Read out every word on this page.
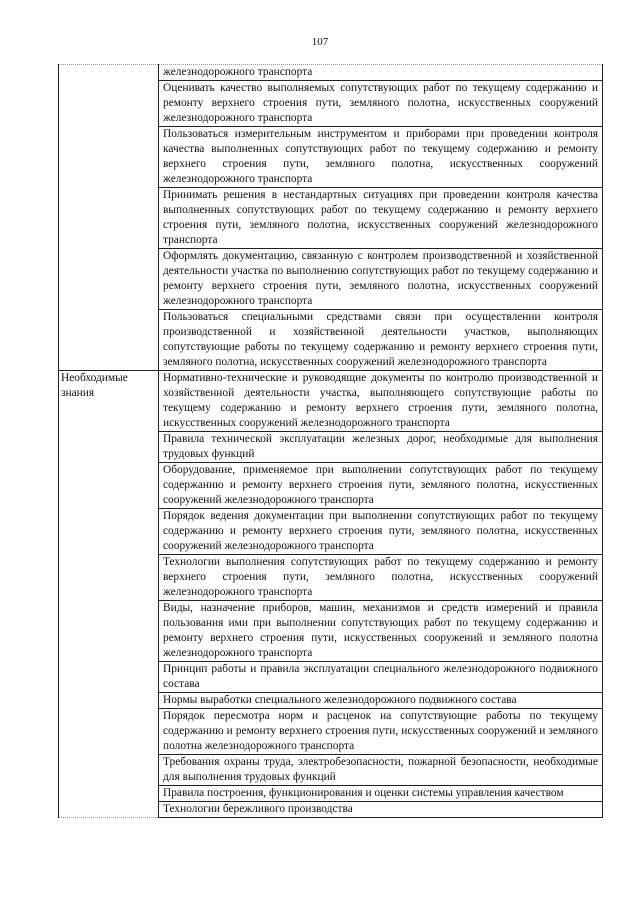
107
	железнодорожного транспорта
	Оценивать качество выполняемых сопутствующих работ по текущему содержанию и ремонту верхнего строения пути, земляного полотна, искусственных сооружений железнодорожного транспорта
	Пользоваться измерительным инструментом и приборами при проведении контроля качества выполненных сопутствующих работ по текущему содержанию и ремонту верхнего строения пути, земляного полотна, искусственных сооружений железнодорожного транспорта
	Принимать решения в нестандартных ситуациях при проведении контроля качества выполненных сопутствующих работ по текущему содержанию и ремонту верхнего строения пути, земляного полотна, искусственных сооружений железнодорожного транспорта
	Оформлять документацию, связанную с контролем производственной и хозяйственной деятельности участка по выполнению сопутствующих работ по текущему содержанию и ремонту верхнего строения пути, земляного полотна, искусственных сооружений железнодорожного транспорта
	Пользоваться специальными средствами связи при осуществлении контроля производственной и хозяйственной деятельности участков, выполняющих сопутствующие работы по текущему содержанию и ремонту верхнего строения пути, земляного полотна, искусственных сооружений железнодорожного транспорта
Необходимые знания	Нормативно-технические и руководящие документы по контролю производственной и хозяйственной деятельности участка, выполняющего сопутствующие работы по текущему содержанию и ремонту верхнего строения пути, земляного полотна, искусственных сооружений железнодорожного транспорта
	Правила технической эксплуатации железных дорог, необходимые для выполнения трудовых функций
	Оборудование, применяемое при выполнении сопутствующих работ по текущему содержанию и ремонту верхнего строения пути, земляного полотна, искусственных сооружений железнодорожного транспорта
	Порядок ведения документации при выполнении сопутствующих работ по текущему содержанию и ремонту верхнего строения пути, земляного полотна, искусственных сооружений железнодорожного транспорта
	Технологии выполнения сопутствующих работ по текущему содержанию и ремонту верхнего строения пути, земляного полотна, искусственных сооружений железнодорожного транспорта
	Виды, назначение приборов, машин, механизмов и средств измерений и правила пользования ими при выполнении сопутствующих работ по текущему содержанию и ремонту верхнего строения пути, искусственных сооружений и земляного полотна железнодорожного транспорта
	Принцип работы и правила эксплуатации специального железнодорожного подвижного состава
	Нормы выработки специального железнодорожного подвижного состава
	Порядок пересмотра норм и расценок на сопутствующие работы по текущему содержанию и ремонту верхнего строения пути, искусственных сооружений и земляного полотна железнодорожного транспорта
	Требования охраны труда, электробезопасности, пожарной безопасности, необходимые для выполнения трудовых функций
	Правила построения, функционирования и оценки системы управления качеством
	Технологии бережливого производства
